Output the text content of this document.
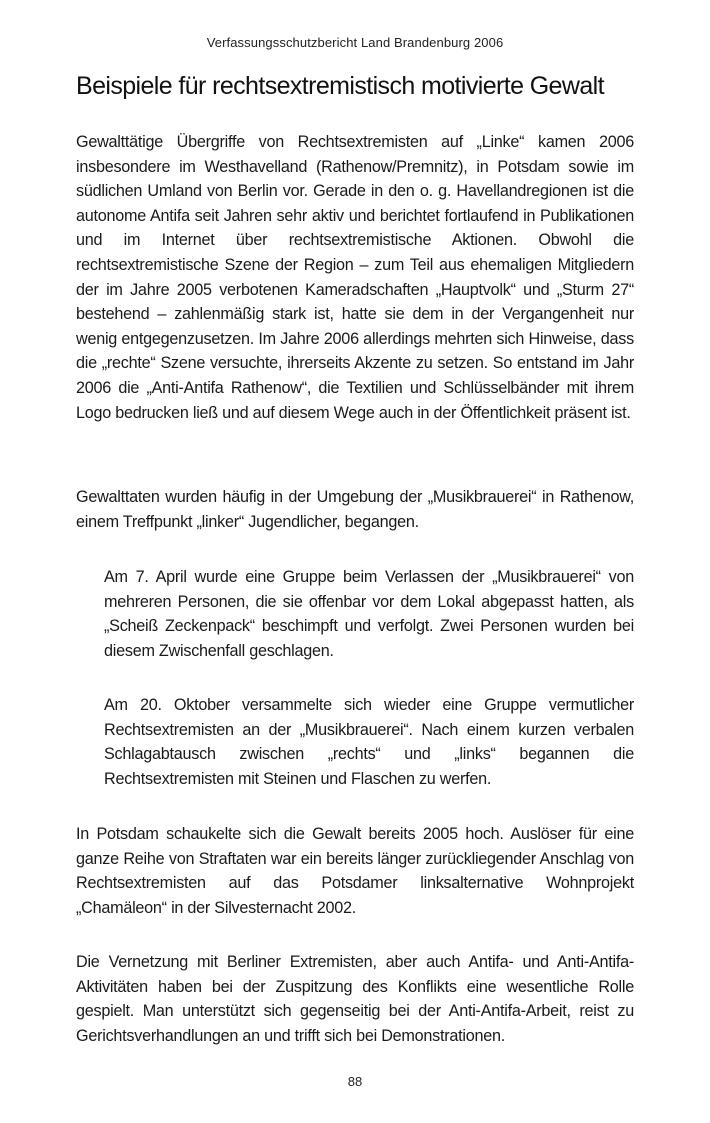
Verfassungsschutzbericht Land Brandenburg 2006
Beispiele für rechtsextremistisch motivierte Gewalt

Gewalttätige Übergriffe von Rechtsextremisten auf „Linke“ kamen 2006 insbesondere im Westhavelland (Rathenow/Premnitz), in Potsdam sowie im südlichen Umland von Berlin vor. Gerade in den o. g. Havellandregionen ist die autonome Antifa seit Jahren sehr aktiv und berichtet fortlaufend in Publikationen und im Internet über rechtsextremistische Aktionen. Obwohl die rechtsextremistische Szene der Region – zum Teil aus ehemaligen Mitgliedern der im Jahre 2005 verbotenen Kameradschaften „Hauptvolk“ und „Sturm 27“ bestehend – zahlenmäßig stark ist, hatte sie dem in der Vergangenheit nur wenig entgegenzusetzen. Im Jahre 2006 allerdings mehrten sich Hinweise, dass die „rechte“ Szene versuchte, ihrerseits Akzente zu setzen. So entstand im Jahr 2006 die „Anti-Antifa Rathenow“, die Textilien und Schlüsselbänder mit ihrem Logo bedrucken ließ und auf diesem Wege auch in der Öffentlichkeit präsent ist.

Gewalttaten wurden häufig in der Umgebung der „Musikbrauerei“ in Rathenow, einem Treffpunkt „linker“ Jugendlicher, begangen.

Am 7. April wurde eine Gruppe beim Verlassen der „Musikbrauerei“ von mehreren Personen, die sie offenbar vor dem Lokal abgepasst hatten, als „Scheiß Zeckenpack“ beschimpft und verfolgt. Zwei Personen wurden bei diesem Zwischenfall geschlagen.

Am 20. Oktober versammelte sich wieder eine Gruppe vermutlicher Rechtsextremisten an der „Musikbrauerei“. Nach einem kurzen verbalen Schlagabtausch zwischen „rechts“ und „links“ begannen die Rechtsextremisten mit Steinen und Flaschen zu werfen.

In Potsdam schaukelte sich die Gewalt bereits 2005 hoch. Auslöser für eine ganze Reihe von Straftaten war ein bereits länger zurückliegender Anschlag von Rechtsextremisten auf das Potsdamer linksalternative Wohnprojekt „Chamäleon“ in der Silvesternacht 2002.

Die Vernetzung mit Berliner Extremisten, aber auch Antifa- und Anti-Antifa-Aktivitäten haben bei der Zuspitzung des Konflikts eine wesentliche Rolle gespielt. Man unterstützt sich gegenseitig bei der Anti-Antifa-Arbeit, reist zu Gerichtsverhandlungen an und trifft sich bei Demonstrationen.

88
